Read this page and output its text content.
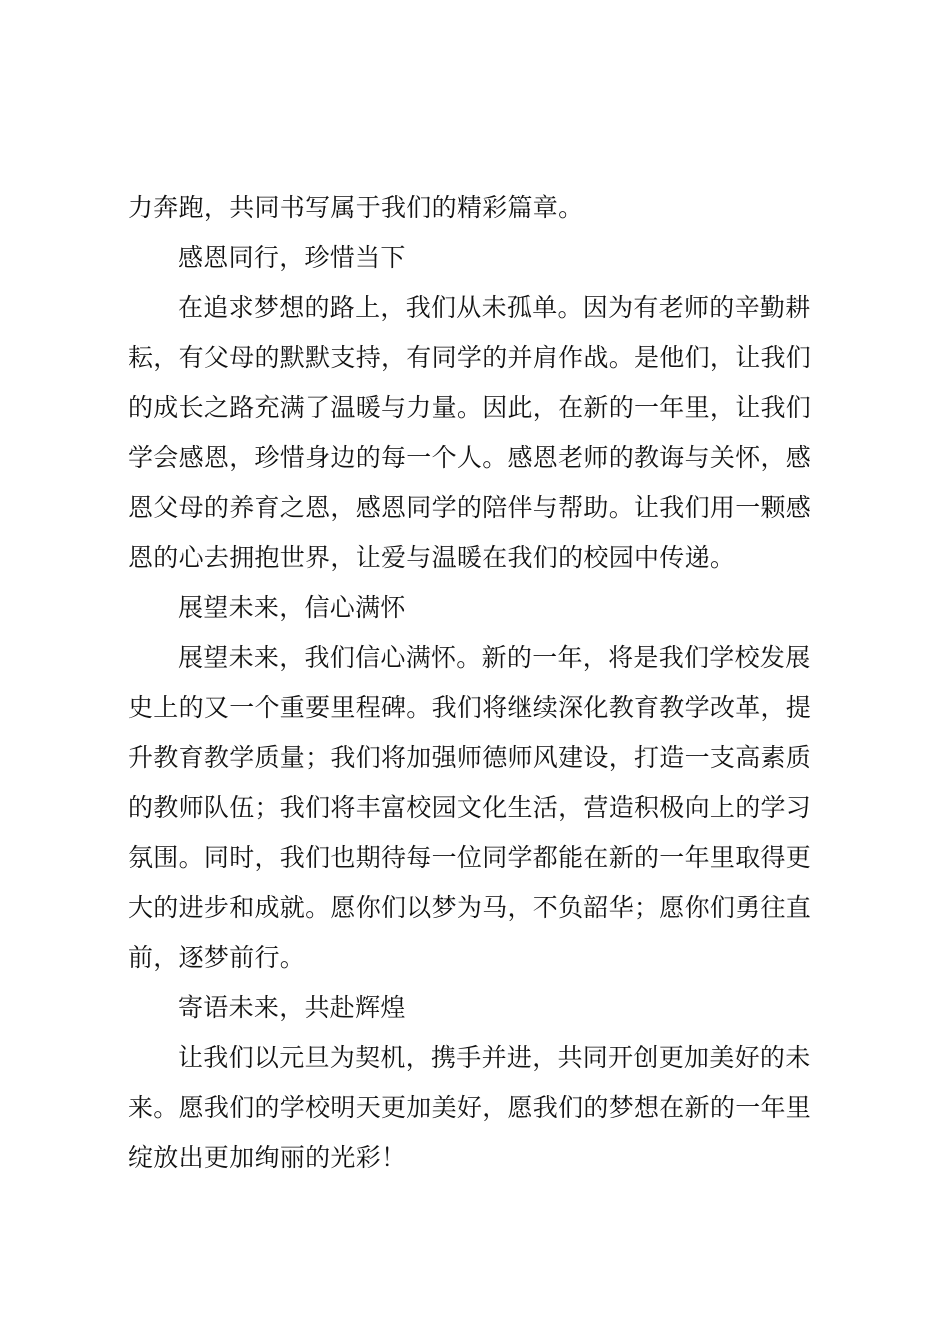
力奔跑，共同书写属于我们的精彩篇章。
感恩同行，珍惜当下
在追求梦想的路上，我们从未孤单。因为有老师的辛勤耕
耘，有父母的默默支持，有同学的并肩作战。是他们，让我们
的成长之路充满了温暖与力量。因此，在新的一年里，让我们
学会感恩，珍惜身边的每一个人。感恩老师的教诲与关怀，感
恩父母的养育之恩，感恩同学的陪伴与帮助。让我们用一颗感
恩的心去拥抱世界，让爱与温暖在我们的校园中传递。
展望未来，信心满怀
展望未来，我们信心满怀。新的一年，将是我们学校发展
史上的又一个重要里程碑。我们将继续深化教育教学改革，提
升教育教学质量；我们将加强师德师风建设，打造一支高素质
的教师队伍；我们将丰富校园文化生活，营造积极向上的学习
氛围。同时，我们也期待每一位同学都能在新的一年里取得更
大的进步和成就。愿你们以梦为马，不负韶华；愿你们勇往直
前，逐梦前行。
寄语未来，共赴辉煌
让我们以元旦为契机，携手并进，共同开创更加美好的未
来。愿我们的学校明天更加美好，愿我们的梦想在新的一年里
绽放出更加绚丽的光彩！
